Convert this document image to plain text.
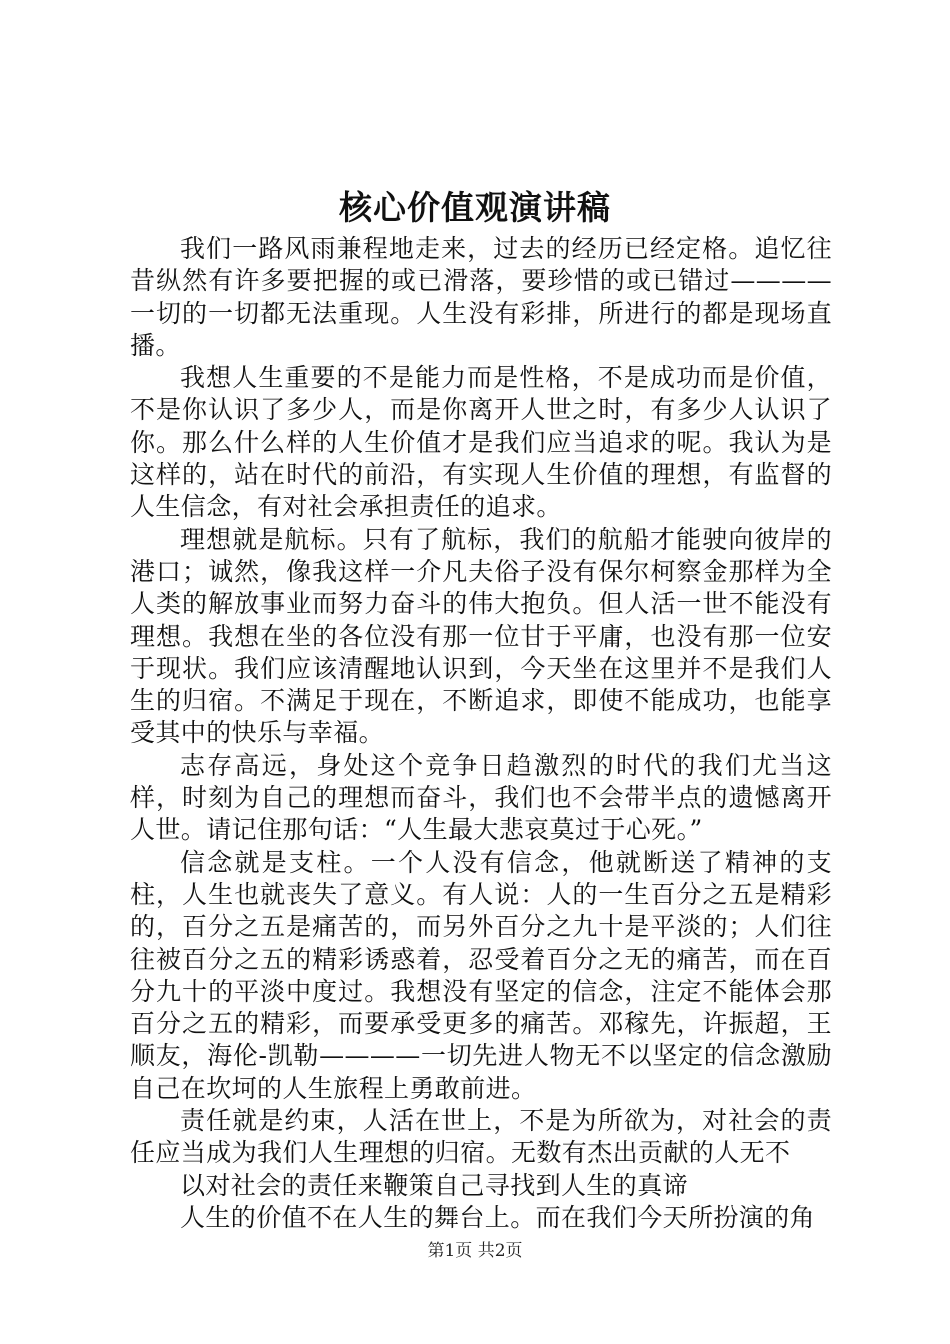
核心价值观演讲稿

我们一路风雨兼程地走来，过去的经历已经定格。追忆往昔纵然有许多要把握的或已滑落，要珍惜的或已错过————一切的一切都无法重现。人生没有彩排，所进行的都是现场直播。

我想人生重要的不是能力而是性格，不是成功而是价值，不是你认识了多少人，而是你离开人世之时，有多少人认识了你。那么什么样的人生价值才是我们应当追求的呢。我认为是这样的，站在时代的前沿，有实现人生价值的理想，有监督的人生信念，有对社会承担责任的追求。

理想就是航标。只有了航标，我们的航船才能驶向彼岸的港口；诚然，像我这样一介凡夫俗子没有保尔柯察金那样为全人类的解放事业而努力奋斗的伟大抱负。但人活一世不能没有理想。我想在坐的各位没有那一位甘于平庸，也没有那一位安于现状。我们应该清醒地认识到，今天坐在这里并不是我们人生的归宿。不满足于现在，不断追求，即使不能成功，也能享受其中的快乐与幸福。

志存高远，身处这个竞争日趋激烈的时代的我们尤当这样，时刻为自己的理想而奋斗，我们也不会带半点的遗憾离开人世。请记住那句话：“人生最大悲哀莫过于心死。”

信念就是支柱。一个人没有信念，他就断送了精神的支柱，人生也就丧失了意义。有人说：人的一生百分之五是精彩的，百分之五是痛苦的，而另外百分之九十是平淡的；人们往往被百分之五的精彩诱惑着，忍受着百分之无的痛苦，而在百分九十的平淡中度过。我想没有坚定的信念，注定不能体会那百分之五的精彩，而要承受更多的痛苦。邓稼先，许振超，王顺友，海伦-凯勒————一切先进人物无不以坚定的信念激励自己在坎坷的人生旅程上勇敢前进。

责任就是约束，人活在世上，不是为所欲为，对社会的责任应当成为我们人生理想的归宿。无数有杰出贡献的人无不

以对社会的责任来鞭策自己寻找到人生的真谛

人生的价值不在人生的舞台上。而在我们今天所扮演的角

第1页 共2页
